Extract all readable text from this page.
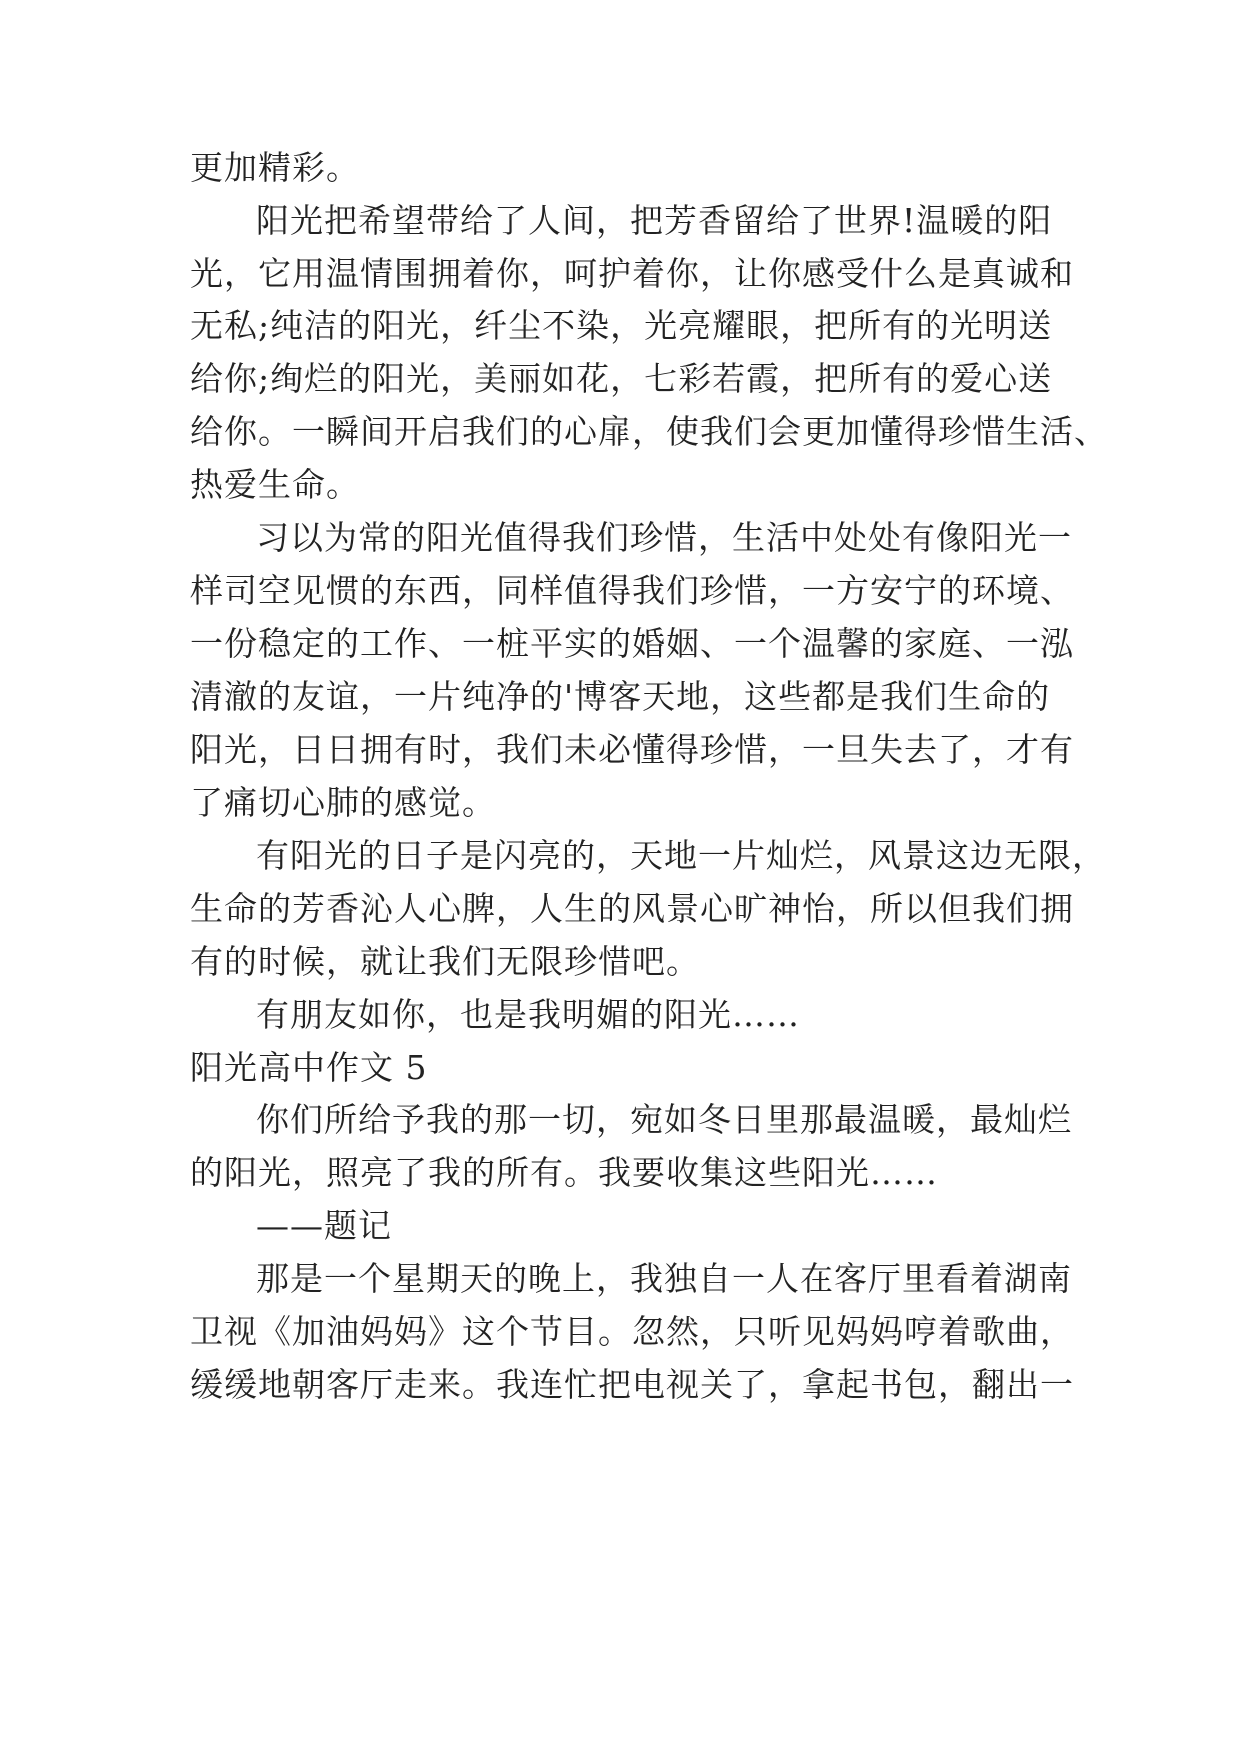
更加精彩。
阳光把希望带给了人间，把芳香留给了世界!温暖的阳
光，它用温情围拥着你，呵护着你，让你感受什么是真诚和
无私;纯洁的阳光，纤尘不染，光亮耀眼，把所有的光明送
给你;绚烂的阳光，美丽如花，七彩若霞，把所有的爱心送
给你。一瞬间开启我们的心扉，使我们会更加懂得珍惜生活、
热爱生命。
习以为常的阳光值得我们珍惜，生活中处处有像阳光一
样司空见惯的东西，同样值得我们珍惜，一方安宁的环境、
一份稳定的工作、一桩平实的婚姻、一个温馨的家庭、一泓
清澈的友谊，一片纯净的'博客天地，这些都是我们生命的
阳光，日日拥有时，我们未必懂得珍惜，一旦失去了，才有
了痛切心肺的感觉。
有阳光的日子是闪亮的，天地一片灿烂，风景这边无限，
生命的芳香沁人心脾，人生的风景心旷神怡，所以但我们拥
有的时候，就让我们无限珍惜吧。
有朋友如你，也是我明媚的阳光……
阳光高中作文 5
你们所给予我的那一切，宛如冬日里那最温暖，最灿烂
的阳光，照亮了我的所有。我要收集这些阳光……
——题记
那是一个星期天的晚上，我独自一人在客厅里看着湖南
卫视《加油妈妈》这个节目。忽然，只听见妈妈哼着歌曲，
缓缓地朝客厅走来。我连忙把电视关了，拿起书包，翻出一
